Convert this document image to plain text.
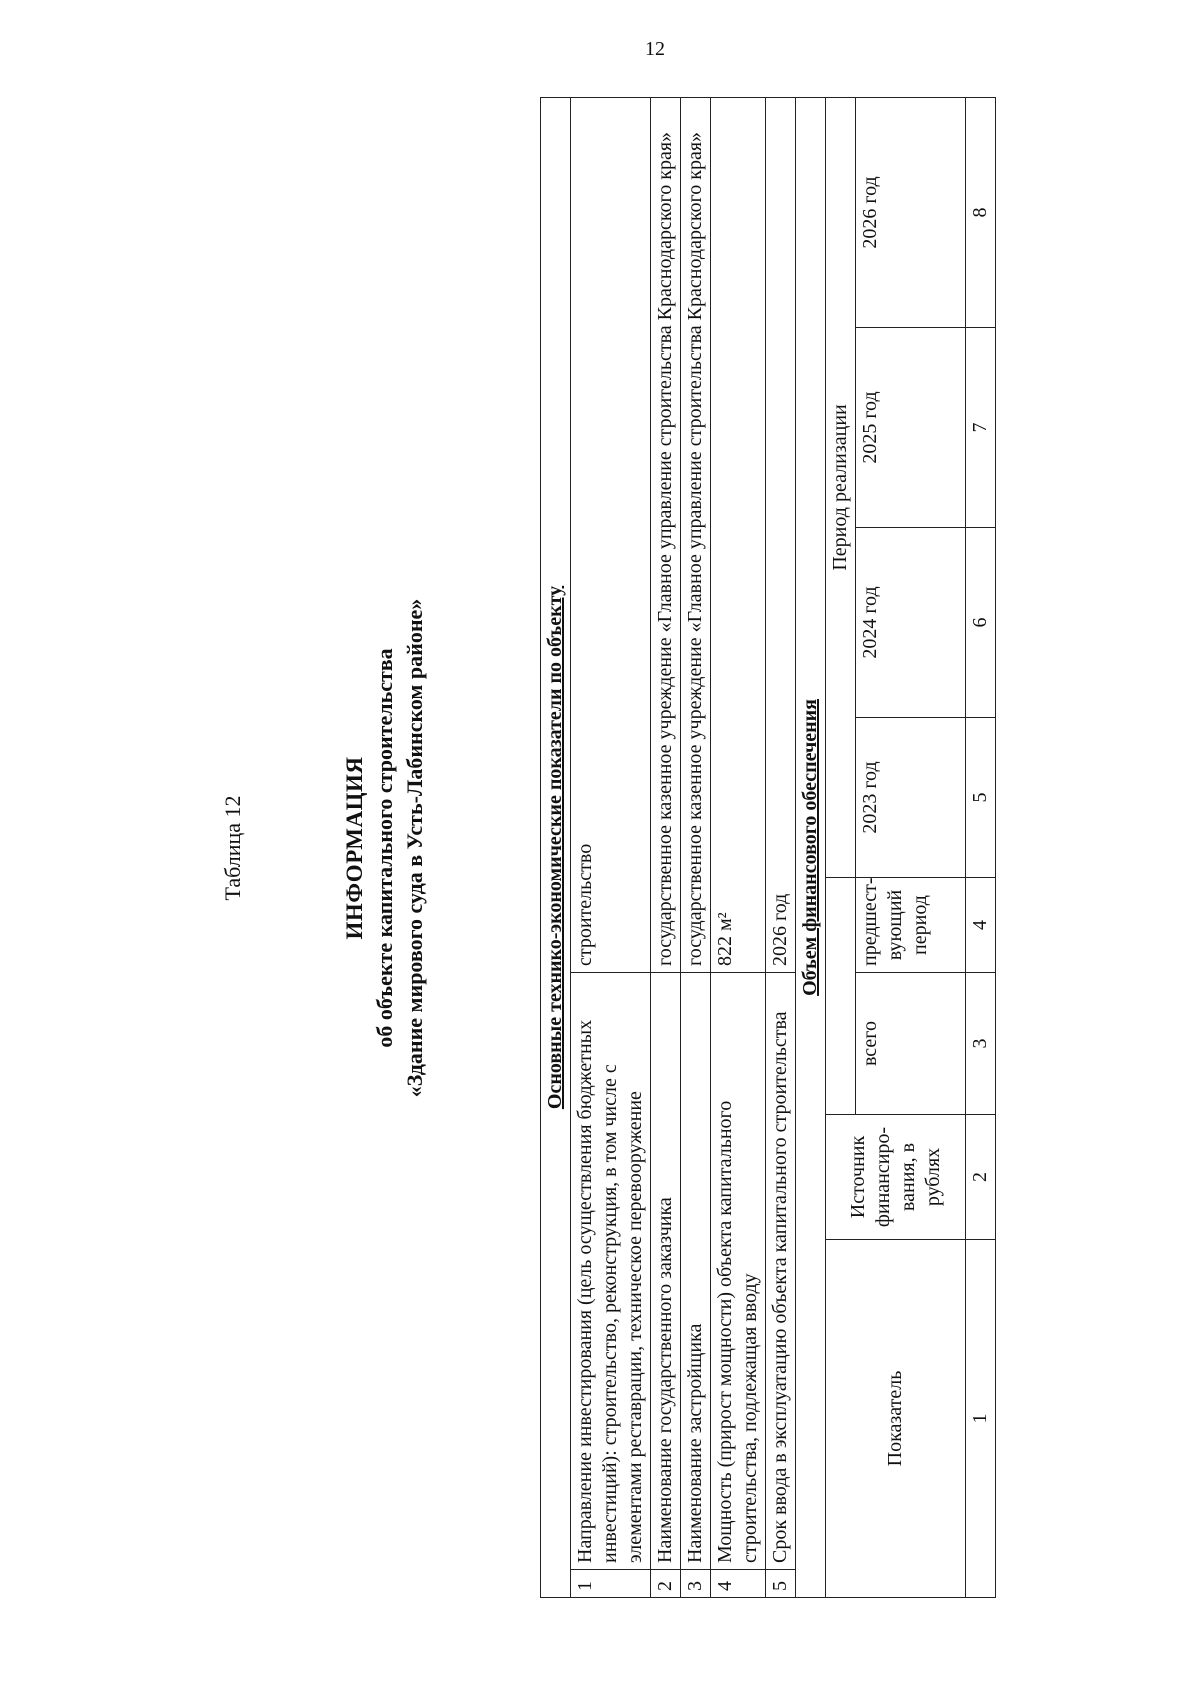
12
Таблица 12	ИНФОРМАЦИЯ об объекте капитального строительства «Здание мирового суда в Усть-Лабинском районе»	Основные технико-экономические показатели по объекту								
1	Направление инвестирования (цель осуществления бюджетных инвестиций): строительство, реконструкция, в том числе с элементами реставрации, техническое перевооружение			строительство				
2	Наименование государственного заказчика			государственное казенное учреждение «Главное управление строительства Краснодарского края»				
3	Наименование застройщика			государственное казенное учреждение «Главное управление строительства Краснодарского края»				
4	Мощность (прирост мощности) объекта капитального строительства, подлежащая вводу			822 м²				
5	Срок ввода в эксплуатацию объекта капитального строительства			2026 год				
Объем финансового обеспечения								
Показатель		Источник финансиро-вания, в рублях			Период реализации			
			всего	предшест-вующий период	2023 год	2024 год	2025 год	2026 год
1		2	3	4	5	6	7	8
